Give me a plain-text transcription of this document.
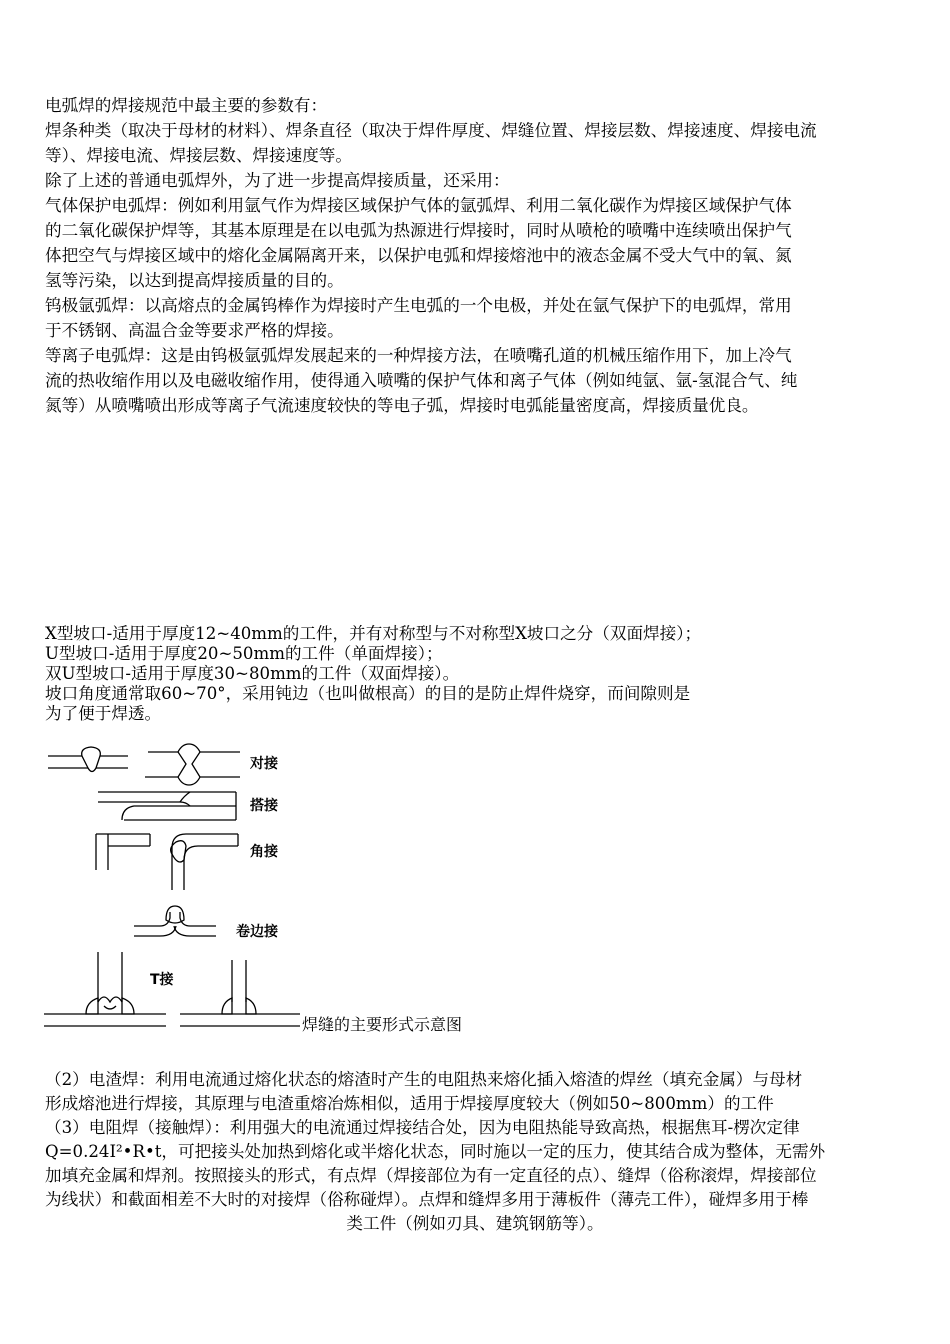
电弧焊的焊接规范中最主要的参数有：
焊条种类（取决于母材的材料）、焊条直径（取决于焊件厚度、焊缝位置、焊接层数、焊接速度、焊接电流
等）、焊接电流、焊接层数、焊接速度等。
除了上述的普通电弧焊外，为了进一步提高焊接质量，还采用：
气体保护电弧焊：例如利用氩气作为焊接区域保护气体的氩弧焊、利用二氧化碳作为焊接区域保护气体
的二氧化碳保护焊等，其基本原理是在以电弧为热源进行焊接时，同时从喷枪的喷嘴中连续喷出保护气
体把空气与焊接区域中的熔化金属隔离开来，以保护电弧和焊接熔池中的液态金属不受大气中的氧、氮
氢等污染，以达到提高焊接质量的目的。
钨极氩弧焊：以高熔点的金属钨棒作为焊接时产生电弧的一个电极，并处在氩气保护下的电弧焊，常用
于不锈钢、高温合金等要求严格的焊接。
等离子电弧焊：这是由钨极氩弧焊发展起来的一种焊接方法，在喷嘴孔道的机械压缩作用下，加上冷气
流的热收缩作用以及电磁收缩作用，使得通入喷嘴的保护气体和离子气体（例如纯氩、氩-氢混合气、纯
氮等）从喷嘴喷出形成等离子气流速度较快的等电子弧，焊接时电弧能量密度高，焊接质量优良。
X型坡口-适用于厚度12~40mm的工件，并有对称型与不对称型X坡口之分（双面焊接）；
U型坡口-适用于厚度20~50mm的工件（单面焊接）；
双U型坡口-适用于厚度30~80mm的工件（双面焊接）。
坡口角度通常取60~70°，采用钝边（也叫做根高）的目的是防止焊件烧穿，而间隙则是
为了便于焊透。
对接
搭接
角接
卷边接
T接
焊缝的主要形式示意图
（2）电渣焊：利用电流通过熔化状态的熔渣时产生的电阻热来熔化插入熔渣的焊丝（填充金属）与母材
形成熔池进行焊接，其原理与电渣重熔冶炼相似，适用于焊接厚度较大（例如50~800mm）的工件
（3）电阻焊（接触焊）：利用强大的电流通过焊接结合处，因为电阻热能导致高热，根据焦耳-楞次定律
Q=0.24I²•R•t，可把接头处加热到熔化或半熔化状态，同时施以一定的压力，使其结合成为整体，无需外
加填充金属和焊剂。按照接头的形式，有点焊（焊接部位为有一定直径的点）、缝焊（俗称滚焊，焊接部位
为线状）和截面相差不大时的对接焊（俗称碰焊）。点焊和缝焊多用于薄板件（薄壳工件），碰焊多用于棒
类工件（例如刃具、建筑钢筋等）。
